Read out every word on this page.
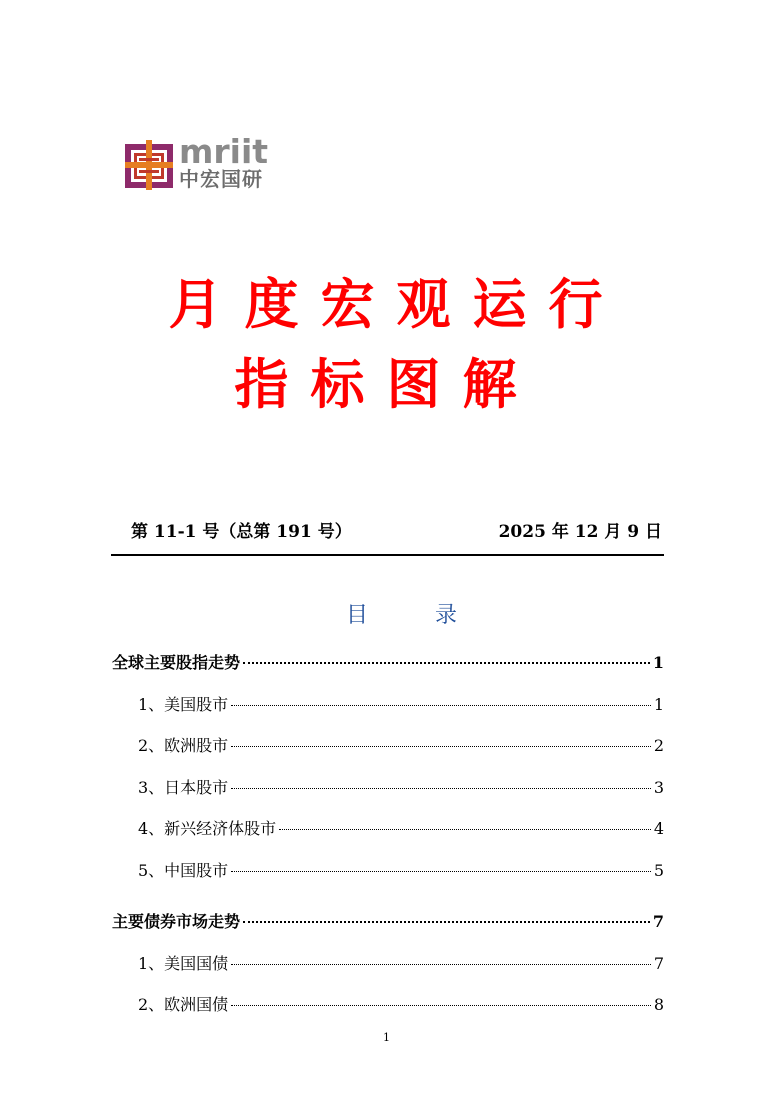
mriit
中宏国研
月度宏观运行
指标图解
第 11-1 号（总第 191 号）	2025 年 12 月 9 日
目 录
全球主要股指走势	1
1、美国股市	1
2、欧洲股市	2
3、日本股市	3
4、新兴经济体股市	4
5、中国股市	5
主要债券市场走势	7
1、美国国债	7
2、欧洲国债	8
1
